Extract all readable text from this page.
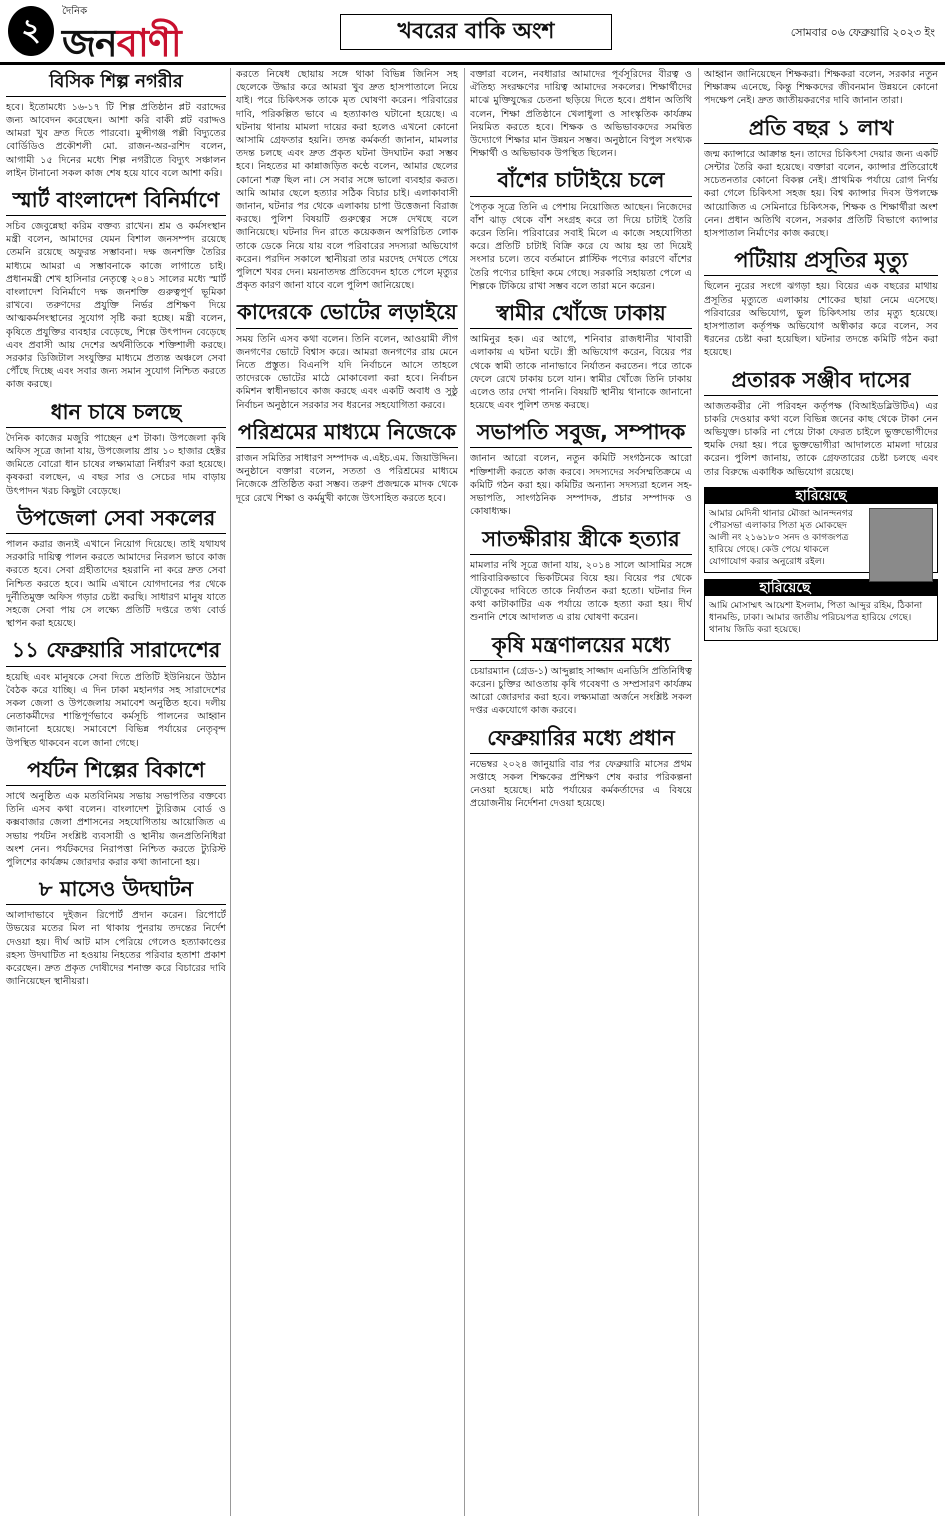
২
দৈনিক
জনবাণী	খবরের বাকি অংশ	সোমবার ০৬ ফেব্রুয়ারি ২০২৩ ইং
বিসিক শিল্প নগরীর

হবে। ইতোমধ্যে ১৬-১৭ টি শিল্প প্রতিষ্ঠান প্লট বরাদ্দের জন্য আবেদন করেছেন। আশা করি বাকী প্লট বরাদ্দও আমরা খুব দ্রুত দিতে পারবো। মুন্সীগঞ্জ পল্লী বিদ্যুতের বোর্ডিডিও প্রকৌশলী মো. রাজন-অর-রশিদ বলেন, আগামী ১৫ দিনের মধ্যে শিল্প নগরীতে বিদ্যুৎ সঞ্চালন লাইন টানানো সকল কাজ শেষ হয়ে যাবে বলে আশা করি।

স্মার্ট বাংলাদেশ বিনির্মাণে

সচিব জেবুন্নেছা করিম বক্তব্য রাখেন। শ্রম ও কর্মসংস্থান মন্ত্রী বলেন, আমাদের যেমন বিশাল জনসম্পদ রয়েছে তেমনি রয়েছে অফুরন্ত সম্ভাবনা। দক্ষ জনশক্তি তৈরির মাধ্যমে আমরা এ সম্ভাবনাকে কাজে লাগাতে চাই। প্রধানমন্ত্রী শেখ হাসিনার নেতৃত্বে ২০৪১ সালের মধ্যে স্মার্ট বাংলাদেশ বিনির্মাণে দক্ষ জনশক্তি গুরুত্বপূর্ণ ভূমিকা রাখবে। তরুণদের প্রযুক্তি নির্ভর প্রশিক্ষণ দিয়ে আত্মকর্মসংস্থানের সুযোগ সৃষ্টি করা হচ্ছে। মন্ত্রী বলেন, কৃষিতে প্রযুক্তির ব্যবহার বেড়েছে, শিল্পে উৎপাদন বেড়েছে এবং প্রবাসী আয় দেশের অর্থনীতিকে শক্তিশালী করছে। সরকার ডিজিটাল সংযুক্তির মাধ্যমে প্রত্যন্ত অঞ্চলে সেবা পৌঁছে দিচ্ছে এবং সবার জন্য সমান সুযোগ নিশ্চিত করতে কাজ করছে।

ধান চাষে চলছে

দৈনিক কাজের মজুরি পাচ্ছেন ৫শ টাকা। উপজেলা কৃষি অফিস সূত্রে জানা যায়, উপজেলায় প্রায় ১০ হাজার হেক্টর জমিতে বোরো ধান চাষের লক্ষ্যমাত্রা নির্ধারণ করা হয়েছে। কৃষকরা বলছেন, এ বছর সার ও সেচের দাম বাড়ায় উৎপাদন খরচ কিছুটা বেড়েছে।

উপজেলা সেবা সকলের

পালন করার জন্যই এখানে নিয়োগ দিয়েছে। তাই যথাযথ সরকারি দায়িত্ব পালন করতে আমাদের নিরলস ভাবে কাজ করতে হবে। সেবা গ্রহীতাদের হয়রানি না করে দ্রুত সেবা নিশ্চিত করতে হবে। আমি এখানে যোগদানের পর থেকে দুর্নীতিমুক্ত অফিস গড়ার চেষ্টা করছি। সাধারণ মানুষ যাতে সহজে সেবা পায় সে লক্ষ্যে প্রতিটি দপ্তরে তথ্য বোর্ড স্থাপন করা হয়েছে।

১১ ফেব্রুয়ারি সারাদেশের

হয়েছি এবং মানুষকে সেবা দিতে প্রতিটি ইউনিয়নে উঠান বৈঠক করে যাচ্ছি। এ দিন ঢাকা মহানগর সহ সারাদেশের সকল জেলা ও উপজেলায় সমাবেশ অনুষ্ঠিত হবে। দলীয় নেতাকর্মীদের শান্তিপূর্ণভাবে কর্মসূচি পালনের আহ্বান জানানো হয়েছে। সমাবেশে বিভিন্ন পর্যায়ের নেতৃবৃন্দ উপস্থিত থাকবেন বলে জানা গেছে।

পর্যটন শিল্পের বিকাশে

সাথে অনুষ্ঠিত এক মতবিনিময় সভায় সভাপতির বক্তব্যে তিনি এসব কথা বলেন। বাংলাদেশ ট্যুরিজম বোর্ড ও কক্সবাজার জেলা প্রশাসনের সহযোগিতায় আয়োজিত এ সভায় পর্যটন সংশ্লিষ্ট ব্যবসায়ী ও স্থানীয় জনপ্রতিনিধিরা অংশ নেন। পর্যটকদের নিরাপত্তা নিশ্চিত করতে ট্যুরিস্ট পুলিশের কার্যক্রম জোরদার করার কথা জানানো হয়।

৮ মাসেও উদঘাটন

আলাদাভাবে দুইজন রিপোর্ট প্রদান করেন। রিপোর্টে উভয়ের মতের মিল না থাকায় পুনরায় তদন্তের নির্দেশ দেওয়া হয়। দীর্ঘ আট মাস পেরিয়ে গেলেও হত্যাকাণ্ডের রহস্য উদঘাটিত না হওয়ায় নিহতের পরিবার হতাশা প্রকাশ করেছেন। দ্রুত প্রকৃত দোষীদের শনাক্ত করে বিচারের দাবি জানিয়েছেন স্থানীয়রা।

করতে নিষেধ ছোয়ায় সঙ্গে থাকা বিভিন্ন জিনিস সহ ছেলেকে উদ্ধার করে আমরা খুব দ্রুত হাসপাতালে নিয়ে যাই। পরে চিকিৎসক তাকে মৃত ঘোষণা করেন। পরিবারের দাবি, পরিকল্পিত ভাবে এ হত্যাকাণ্ড ঘটানো হয়েছে। এ ঘটনায় থানায় মামলা দায়ের করা হলেও এখনো কোনো আসামি গ্রেফতার হয়নি। তদন্ত কর্মকর্তা জানান, মামলার তদন্ত চলছে এবং দ্রুত প্রকৃত ঘটনা উদঘাটন করা সম্ভব হবে। নিহতের মা কান্নাজড়িত কণ্ঠে বলেন, আমার ছেলের কোনো শত্রু ছিল না। সে সবার সঙ্গে ভালো ব্যবহার করত। আমি আমার ছেলে হত্যার সঠিক বিচার চাই। এলাকাবাসী জানান, ঘটনার পর থেকে এলাকায় চাপা উত্তেজনা বিরাজ করছে। পুলিশ বিষয়টি গুরুত্বের সঙ্গে দেখছে বলে জানিয়েছে। ঘটনার দিন রাতে কয়েকজন অপরিচিত লোক তাকে ডেকে নিয়ে যায় বলে পরিবারের সদস্যরা অভিযোগ করেন। পরদিন সকালে স্থানীয়রা তার মরদেহ দেখতে পেয়ে পুলিশে খবর দেন। ময়নাতদন্ত প্রতিবেদন হাতে পেলে মৃত্যুর প্রকৃত কারণ জানা যাবে বলে পুলিশ জানিয়েছে।

কাদেরকে ভোটের লড়াইয়ে

সময় তিনি এসব কথা বলেন। তিনি বলেন, আওয়ামী লীগ জনগণের ভোটে বিশ্বাস করে। আমরা জনগণের রায় মেনে নিতে প্রস্তুত। বিএনপি যদি নির্বাচনে আসে তাহলে তাদেরকে ভোটের মাঠে মোকাবেলা করা হবে। নির্বাচন কমিশন স্বাধীনভাবে কাজ করছে এবং একটি অবাধ ও সুষ্ঠু নির্বাচন অনুষ্ঠানে সরকার সব ধরনের সহযোগিতা করবে।

পরিশ্রমের মাধ্যমে নিজেকে

রাজন সমিতির সাধারণ সম্পাদক এ.এইচ.এম. জিয়াউদ্দিন। অনুষ্ঠানে বক্তারা বলেন, সততা ও পরিশ্রমের মাধ্যমে নিজেকে প্রতিষ্ঠিত করা সম্ভব। তরুণ প্রজন্মকে মাদক থেকে দূরে রেখে শিক্ষা ও কর্মমুখী কাজে উৎসাহিত করতে হবে।

বক্তারা বলেন, নবধারার আমাদের পূর্বসূরিদের বীরত্ব ও ঐতিহ্য সংরক্ষণের দায়িত্ব আমাদের সকলের। শিক্ষার্থীদের মাঝে মুক্তিযুদ্ধের চেতনা ছড়িয়ে দিতে হবে। প্রধান অতিথি বলেন, শিক্ষা প্রতিষ্ঠানে খেলাধুলা ও সাংস্কৃতিক কার্যক্রম নিয়মিত করতে হবে। শিক্ষক ও অভিভাবকদের সমন্বিত উদ্যোগে শিক্ষার মান উন্নয়ন সম্ভব। অনুষ্ঠানে বিপুল সংখ্যক শিক্ষার্থী ও অভিভাবক উপস্থিত ছিলেন।

বাঁশের চাটাইয়ে চলে

পৈতৃক সূত্রে তিনি এ পেশায় নিয়োজিত আছেন। নিজেদের বাঁশ ঝাড় থেকে বাঁশ সংগ্রহ করে তা দিয়ে চাটাই তৈরি করেন তিনি। পরিবারের সবাই মিলে এ কাজে সহযোগিতা করে। প্রতিটি চাটাই বিক্রি করে যে আয় হয় তা দিয়েই সংসার চলে। তবে বর্তমানে প্লাস্টিক পণ্যের কারণে বাঁশের তৈরি পণ্যের চাহিদা কমে গেছে। সরকারি সহায়তা পেলে এ শিল্পকে টিকিয়ে রাখা সম্ভব বলে তারা মনে করেন।

স্বামীর খোঁজে ঢাকায়

আমিনুর হক। এর আগে, শনিবার রাজধানীর খাবারী এলাকায় এ ঘটনা ঘটে। স্ত্রী অভিযোগ করেন, বিয়ের পর থেকে স্বামী তাকে নানাভাবে নির্যাতন করতেন। পরে তাকে ফেলে রেখে ঢাকায় চলে যান। স্বামীর খোঁজে তিনি ঢাকায় এলেও তার দেখা পাননি। বিষয়টি স্থানীয় থানাকে জানানো হয়েছে এবং পুলিশ তদন্ত করছে।

সভাপতি সবুজ, সম্পাদক

জানান আরো বলেন, নতুন কমিটি সংগঠনকে আরো শক্তিশালী করতে কাজ করবে। সদস্যদের সর্বসম্মতিক্রমে এ কমিটি গঠন করা হয়। কমিটির অন্যান্য সদস্যরা হলেন সহ-সভাপতি, সাংগঠনিক সম্পাদক, প্রচার সম্পাদক ও কোষাধ্যক্ষ।

সাতক্ষীরায় স্ত্রীকে হত্যার

মামলার নথি সূত্রে জানা যায়, ২০১৪ সালে আসামির সঙ্গে পারিবারিকভাবে ভিকটিমের বিয়ে হয়। বিয়ের পর থেকে যৌতুকের দাবিতে তাকে নির্যাতন করা হতো। ঘটনার দিন কথা কাটাকাটির এক পর্যায়ে তাকে হত্যা করা হয়। দীর্ঘ শুনানি শেষে আদালত এ রায় ঘোষণা করেন।

কৃষি মন্ত্রণালয়ের মধ্যে

চেয়ারম্যান (গ্রেড-১) আব্দুল্লাহ সাজ্জাদ এনডিসি প্রতিনিধিত্ব করেন। চুক্তির আওতায় কৃষি গবেষণা ও সম্প্রসারণ কার্যক্রম আরো জোরদার করা হবে। লক্ষ্যমাত্রা অর্জনে সংশ্লিষ্ট সকল দপ্তর একযোগে কাজ করবে।

ফেব্রুয়ারির মধ্যে প্রধান

নভেম্বর ২০২৪ জানুয়ারি বার পর ফেব্রুয়ারি মাসের প্রথম সপ্তাহে সকল শিক্ষকের প্রশিক্ষণ শেষ করার পরিকল্পনা নেওয়া হয়েছে। মাঠ পর্যায়ের কর্মকর্তাদের এ বিষয়ে প্রয়োজনীয় নির্দেশনা দেওয়া হয়েছে।

আহ্বান জানিয়েছেন শিক্ষকরা। শিক্ষকরা বলেন, সরকার নতুন শিক্ষাক্রম এনেছে, কিন্তু শিক্ষকদের জীবনমান উন্নয়নে কোনো পদক্ষেপ নেই। দ্রুত জাতীয়করণের দাবি জানান তারা।

প্রতি বছর ১ লাখ

জন্ম ক্যান্সারে আক্রান্ত হন। তাদের চিকিৎসা দেয়ার জন্য একটি সেন্টার তৈরি করা হয়েছে। বক্তারা বলেন, ক্যান্সার প্রতিরোধে সচেতনতার কোনো বিকল্প নেই। প্রাথমিক পর্যায়ে রোগ নির্ণয় করা গেলে চিকিৎসা সহজ হয়। বিশ্ব ক্যান্সার দিবস উপলক্ষে আয়োজিত এ সেমিনারে চিকিৎসক, শিক্ষক ও শিক্ষার্থীরা অংশ নেন। প্রধান অতিথি বলেন, সরকার প্রতিটি বিভাগে ক্যান্সার হাসপাতাল নির্মাণের কাজ করছে।

পটিয়ায় প্রসূতির মৃত্যু

ছিলেন নুরের সংগে ঝগড়া হয়। বিয়ের এক বছরের মাথায় প্রসূতির মৃত্যুতে এলাকায় শোকের ছায়া নেমে এসেছে। পরিবারের অভিযোগ, ভুল চিকিৎসায় তার মৃত্যু হয়েছে। হাসপাতাল কর্তৃপক্ষ অভিযোগ অস্বীকার করে বলেন, সব ধরনের চেষ্টা করা হয়েছিল। ঘটনার তদন্তে কমিটি গঠন করা হয়েছে।

প্রতারক সঞ্জীব দাসের

আজতকরীর নৌ পরিবহন কর্তৃপক্ষ (বিআইডব্লিউটিএ) এর চাকরি দেওয়ার কথা বলে বিভিন্ন জনের কাছ থেকে টাকা নেন অভিযুক্ত। চাকরি না পেয়ে টাকা ফেরত চাইলে ভুক্তভোগীদের হুমকি দেয়া হয়। পরে ভুক্তভোগীরা আদালতে মামলা দায়ের করেন। পুলিশ জানায়, তাকে গ্রেফতারের চেষ্টা চলছে এবং তার বিরুদ্ধে একাধিক অভিযোগ রয়েছে।

হারিয়েছে
আমার মেদিনী থানার মৌজা আনন্দনগর পৌরসভা এলাকার পিতা মৃত মোকছেদ আলী নং ২১৬১৮০ সনদ ও কাগজপত্র হারিয়ে গেছে। কেউ পেয়ে থাকলে যোগাযোগ করার অনুরোধ রইল।
হারিয়েছে
আমি মোসাম্মৎ আয়েশা ইসলাম, পিতা আব্দুর রহিম, ঠিকানা ধানমন্ডি, ঢাকা। আমার জাতীয় পরিচয়পত্র হারিয়ে গেছে। থানায় জিডি করা হয়েছে।
